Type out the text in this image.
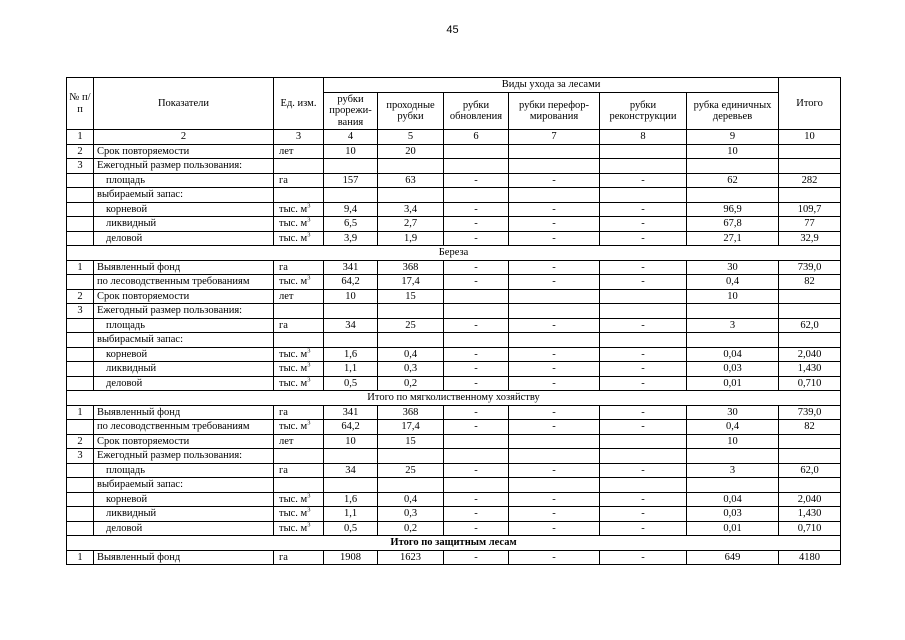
45
№ п/п	Показатели	Ед. изм.	Виды ухода за лесами						Итого
			рубки прорежи-вания	проходные рубки	рубки обновления	рубки перефор-мирования	рубки реконструкции	рубка единичных деревьев	
1	2	3	4	5	6	7	8	9	10
2	Срок повторяемости	лет	10	20				10	
3	Ежегодный размер пользования:								
	площадь	га	157	63	-	-	-	62	282
	выбираемый запас:								
	корневой	тыс. $м^3$	9,4	3,4	-	-	-	96,9	109,7
	ликвидный	тыс. $м^3$	6,5	2,7	-	-	-	67,8	77
	деловой	тыс. $м^3$	3,9	1,9	-	-	-	27,1	32,9
Береза									
1	Выявленный фонд	га	341	368	-	-	-	30	739,0
	по лесоводственным требованиям	тыс. $м^3$	64,2	17,4	-	-	-	0,4	82
2	Срок повторяемости	лет	10	15				10	
3	Ежегодный размер пользования:								
	площадь	га	34	25	-	-	-	3	62,0
	выбирасмый запас:								
	корневой	тыс. $м^3$	1,6	0,4	-	-	-	0,04	2,040
	ликвидный	тыс. $м^3$	1,1	0,3	-	-	-	0,03	1,430
	деловой	тыс. $м^3$	0,5	0,2	-	-	-	0,01	0,710
Итого по мягколиственному хозяйству									
1	Выявленный фонд	га	341	368	-	-	-	30	739,0
	по лесоводственным требованиям	тыс. $м^3$	64,2	17,4	-	-	-	0,4	82
2	Срок повторяемости	лет	10	15				10	
3	Ежегодный размер пользования:								
	площадь	га	34	25	-	-	-	3	62,0
	выбираемый запас:								
	корневой	тыс. $м^3$	1,6	0,4	-	-	-	0,04	2,040
	ликвидный	тыс. $м^3$	1,1	0,3	-	-	-	0,03	1,430
	деловой	тыс. $м^3$	0,5	0,2	-	-	-	0,01	0,710
Итого по защитным лесам									
1	Выявленный фонд	га	1908	1623	-	-	-	649	4180
